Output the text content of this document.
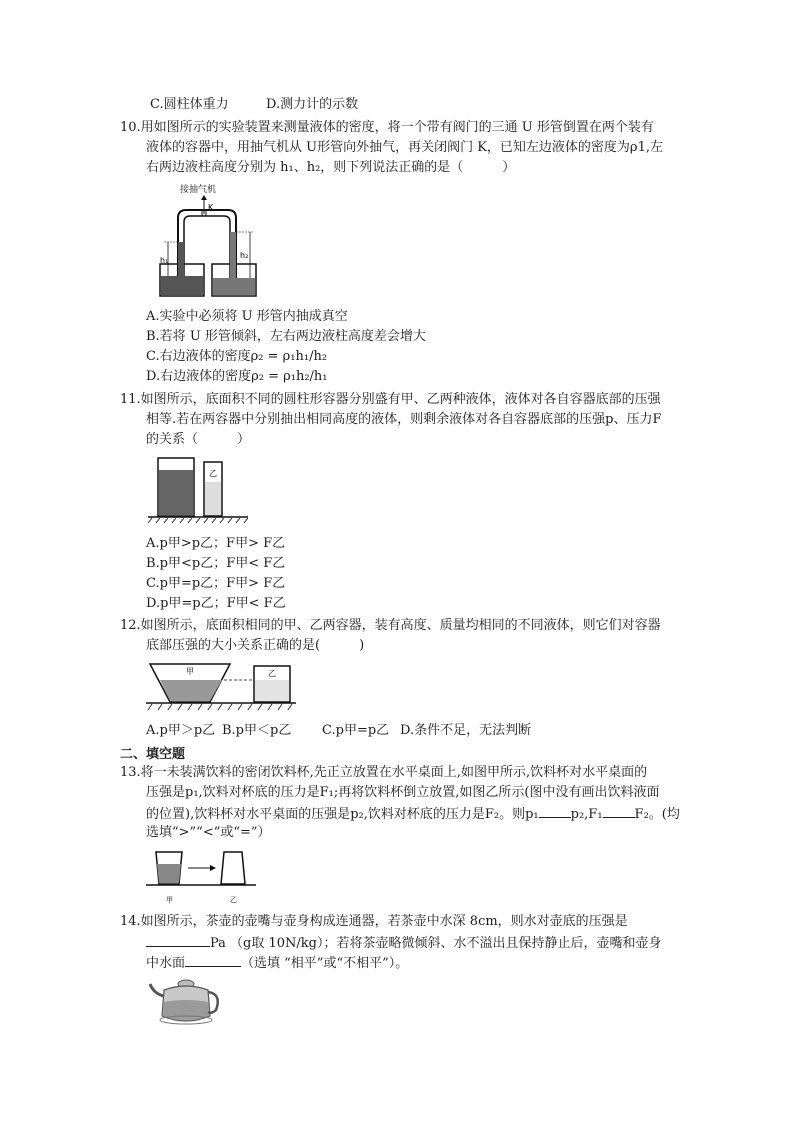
C.圆柱体重力	D.测力计的示数
10.用如图所示的实验装置来测量液体的密度，将一个带有阀门的三通 U 形管倒置在两个装有
液体的容器中，用抽气机从 U形管向外抽气，再关闭阀门 K，已知左边液体的密度为ρ1,左
右两边液柱高度分别为 h₁、h₂，则下列说法正确的是（　　　）
接抽气机
K
h₁
h₂
A.实验中必须将 U 形管内抽成真空
B.若将 U 形管倾斜，左右两边液柱高度差会增大
C.右边液体的密度ρ₂ = ρ₁h₁/h₂
D.右边液体的密度ρ₂ = ρ₁h₂/h₁
11.如图所示，底面积不同的圆柱形容器分别盛有甲、乙两种液体，液体对各自容器底部的压强
相等.若在两容器中分别抽出相同高度的液体，则剩余液体对各自容器底部的压强p、压力F
的关系（　　　）
甲
乙
A.p甲>p乙；F甲> F乙
B.p甲<p乙；F甲< F乙
C.p甲=p乙；F甲> F乙
D.p甲=p乙；F甲< F乙
12.如图所示，底面积相同的甲、乙两容器，装有高度、质量均相同的不同液体，则它们对容器
底部压强的大小关系正确的是(　　　)
甲	乙
A.p甲＞p乙 B.p甲＜p乙 C.p甲=p乙 D.条件不足，无法判断
二、填空题
13.将一未装满饮料的密闭饮料杯,先正立放置在水平桌面上,如图甲所示,饮料杯对水平桌面的
压强是p₁,饮料对杯底的压力是F₁;再将饮料杯倒立放置,如图乙所示(图中没有画出饮料液面
的位置),饮料杯对水平桌面的压强是p₂,饮料对杯底的压力是F₂。则p₁ p₂,F₁ F₂。(均
选填“>”“<”或“=”）
甲	乙
14.如图所示，茶壶的壶嘴与壶身构成连通器，若茶壶中水深 8cm，则水对壶底的压强是
Pa （g取 10N/kg）；若将茶壶略微倾斜、水不溢出且保持静止后，壶嘴和壶身
中水面	（选填 “相平”或“不相平”）。
